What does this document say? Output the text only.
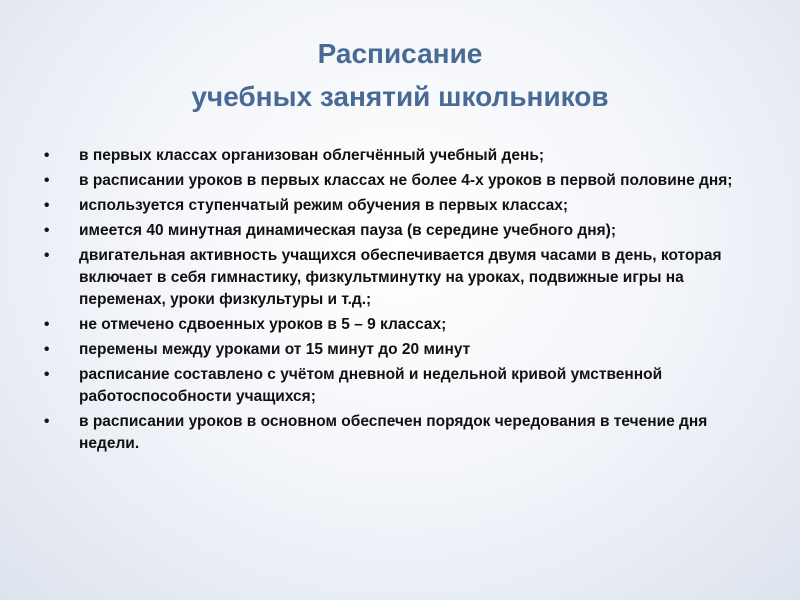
Расписание
учебных занятий школьников
• в первых классах организован облегчённый учебный день;
• в расписании уроков в первых классах не более 4-х уроков в первой половине дня;
• используется ступенчатый режим обучения в первых классах;
• имеется 40 минутная динамическая пауза (в середине учебного дня);
• двигательная активность учащихся обеспечивается двумя часами в день, которая включает в себя гимнастику, физкультминутку на уроках, подвижные игры на переменах, уроки физкультуры и т.д.;
• не отмечено сдвоенных уроков в 5 – 9 классах;
• перемены между уроками от 15 минут до 20 минут
• расписание составлено с учётом дневной и недельной кривой умственной работоспособности учащихся;
• в расписании уроков в основном обеспечен порядок чередования в течение дня недели.
